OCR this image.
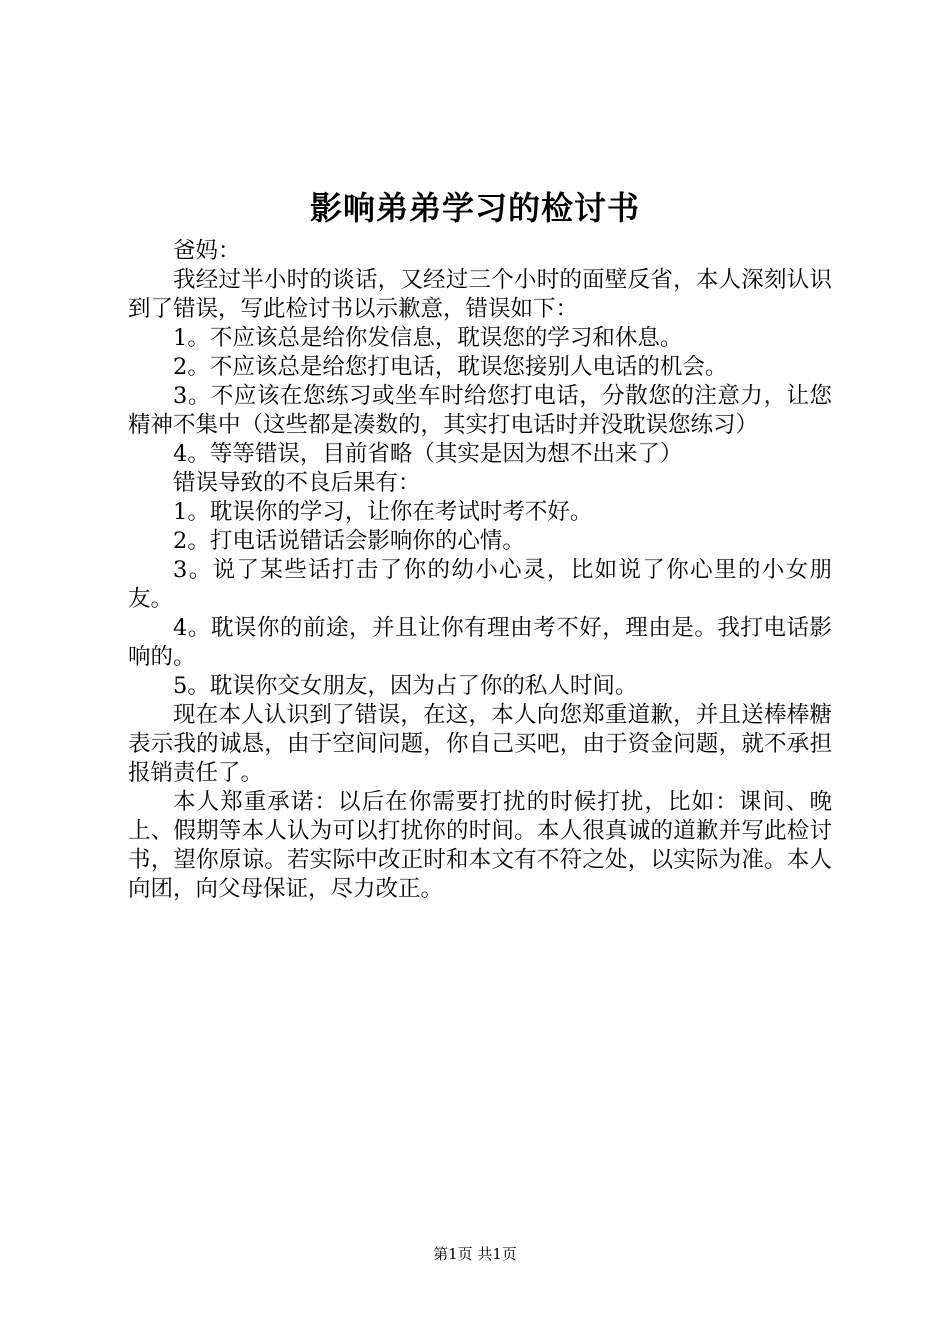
影响弟弟学习的检讨书

爸妈：

我经过半小时的谈话，又经过三个小时的面壁反省，本人深刻认识到了错误，写此检讨书以示歉意，错误如下：

1。不应该总是给你发信息，耽误您的学习和休息。

2。不应该总是给您打电话，耽误您接别人电话的机会。

3。不应该在您练习或坐车时给您打电话，分散您的注意力，让您精神不集中（这些都是凑数的，其实打电话时并没耽误您练习）

4。等等错误，目前省略（其实是因为想不出来了）

错误导致的不良后果有：

1。耽误你的学习，让你在考试时考不好。

2。打电话说错话会影响你的心情。

3。说了某些话打击了你的幼小心灵，比如说了你心里的小女朋友。

4。耽误你的前途，并且让你有理由考不好，理由是。我打电话影响的。

5。耽误你交女朋友，因为占了你的私人时间。

现在本人认识到了错误，在这，本人向您郑重道歉，并且送棒棒糖表示我的诚恳，由于空间问题，你自己买吧，由于资金问题，就不承担报销责任了。

本人郑重承诺：以后在你需要打扰的时候打扰，比如：课间、晚上、假期等本人认为可以打扰你的时间。本人很真诚的道歉并写此检讨书，望你原谅。若实际中改正时和本文有不符之处，以实际为准。本人向团，向父母保证，尽力改正。

第1页 共1页
